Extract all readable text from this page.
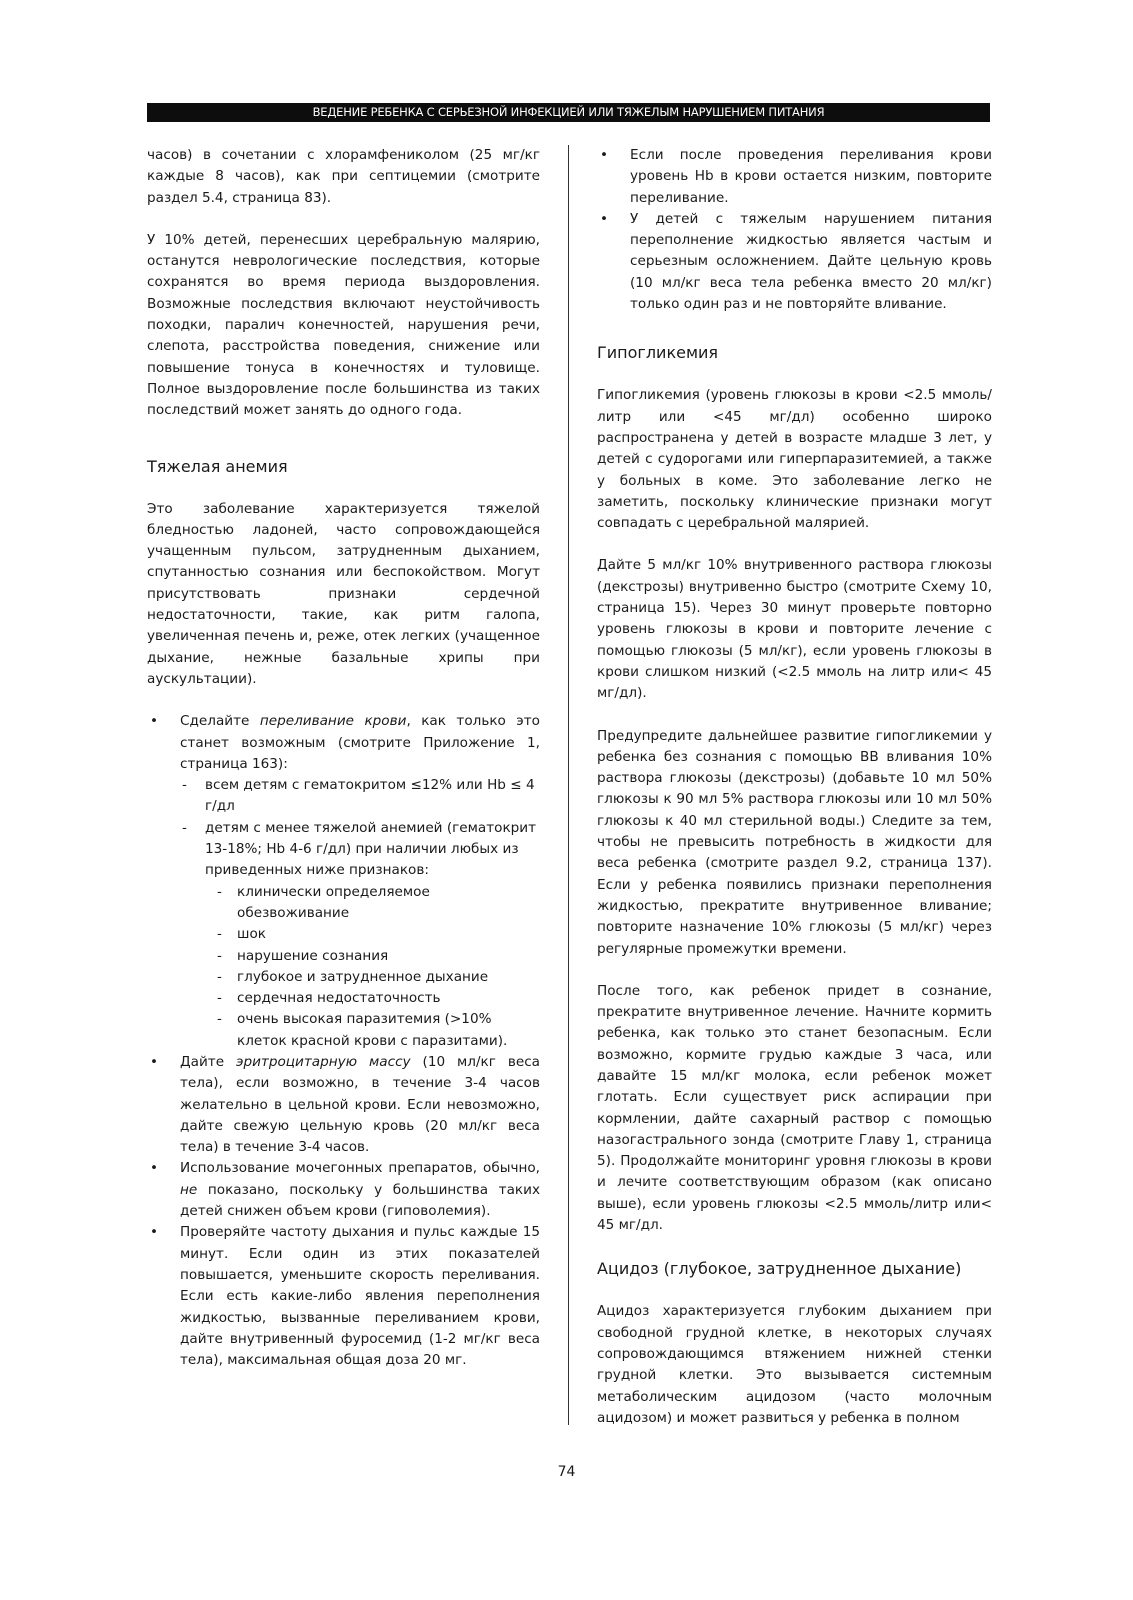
ВЕДЕНИЕ РЕБЕНКА С СЕРЬЕЗНОЙ ИНФЕКЦИЕЙ ИЛИ ТЯЖЕЛЫМ НАРУШЕНИЕМ ПИТАНИЯ

часов) в сочетании с хлорамфениколом (25 мг/кг каждые 8 часов), как при септицемии (смотрите раздел 5.4, страница 83).

У 10% детей, перенесших церебральную малярию, останутся неврологические последствия, которые сохранятся во время периода выздоровления. Возможные последствия включают неустойчивость походки, паралич конечностей, нарушения речи, слепота, расстройства поведения, снижение или повышение тонуса в конечностях и туловище. Полное выздоровление после большинства из таких последствий может занять до одного года.

Тяжелая анемия

Это заболевание характеризуется тяжелой бледностью ладоней, часто сопровождающейся учащенным пульсом, затрудненным дыханием, спутанностью сознания или беспокойством. Могут присутствовать признаки сердечной недостаточности, такие, как ритм галопа, увеличенная печень и, реже, отек легких (учащенное дыхание, нежные базальные хрипы при аускультации).

• Сделайте переливание крови, как только это станет возможным (смотрите Приложение 1, страница 163):
- всем детям с гематокритом ≤12% или Hb ≤ 4 г/дл
- детям с менее тяжелой анемией (гематокрит 13-18%; Hb 4-6 г/дл) при наличии любых из приведенных ниже признаков:
- клинически определяемое обезвоживание
- шок
- нарушение сознания
- глубокое и затрудненное дыхание
- сердечная недостаточность
- очень высокая паразитемия (>10% клеток красной крови с паразитами).
• Дайте эритроцитарную массу (10 мл/кг веса тела), если возможно, в течение 3-4 часов желательно в цельной крови. Если невозможно, дайте свежую цельную кровь (20 мл/кг веса тела) в течение 3-4 часов.
• Использование мочегонных препаратов, обычно, не показано, поскольку у большинства таких детей снижен объем крови (гиповолемия).
• Проверяйте частоту дыхания и пульс каждые 15 минут. Если один из этих показателей повышается, уменьшите скорость переливания. Если есть какие-либо явления переполнения жидкостью, вызванные переливанием крови, дайте внутривенный фуросемид (1-2 мг/кг веса тела), максимальная общая доза 20 мг.
• Если после проведения переливания крови уровень Hb в крови остается низким, повторите переливание.
• У детей с тяжелым нарушением питания переполнение жидкостью является частым и серьезным осложнением. Дайте цельную кровь (10 мл/кг веса тела ребенка вместо 20 мл/кг) только один раз и не повторяйте вливание.
Гипогликемия

Гипогликемия (уровень глюкозы в крови <2.5 ммоль/литр или <45 мг/дл) особенно широко распространена у детей в возрасте младше 3 лет, у детей с судорогами или гиперпаразитемией, а также у больных в коме. Это заболевание легко не заметить, поскольку клинические признаки могут совпадать с церебральной малярией.

Дайте 5 мл/кг 10% внутривенного раствора глюкозы (декстрозы) внутривенно быстро (смотрите Схему 10, страница 15). Через 30 минут проверьте повторно уровень глюкозы в крови и повторите лечение с помощью глюкозы (5 мл/кг), если уровень глюкозы в крови слишком низкий (<2.5 ммоль на литр или< 45 мг/дл).

Предупредите дальнейшее развитие гипогликемии у ребенка без сознания с помощью ВВ вливания 10% раствора глюкозы (декстрозы) (добавьте 10 мл 50% глюкозы к 90 мл 5% раствора глюкозы или 10 мл 50% глюкозы к 40 мл стерильной воды.) Следите за тем, чтобы не превысить потребность в жидкости для веса ребенка (смотрите раздел 9.2, страница 137). Если у ребенка появились признаки переполнения жидкостью, прекратите внутривенное вливание; повторите назначение 10% глюкозы (5 мл/кг) через регулярные промежутки времени.

После того, как ребенок придет в сознание, прекратите внутривенное лечение. Начните кормить ребенка, как только это станет безопасным. Если возможно, кормите грудью каждые 3 часа, или давайте 15 мл/кг молока, если ребенок может глотать. Если существует риск аспирации при кормлении, дайте сахарный раствор с помощью назогастрального зонда (смотрите Главу 1, страница 5). Продолжайте мониторинг уровня глюкозы в крови и лечите соответствующим образом (как описано выше), если уровень глюкозы <2.5 ммоль/литр или< 45 мг/дл.

Ацидоз (глубокое, затрудненное дыхание)

Ацидоз характеризуется глубоким дыханием при свободной грудной клетке, в некоторых случаях сопровождающимся втяжением нижней стенки грудной клетки. Это вызывается системным метаболическим ацидозом (часто молочным ацидозом) и может развиться у ребенка в полном

74
